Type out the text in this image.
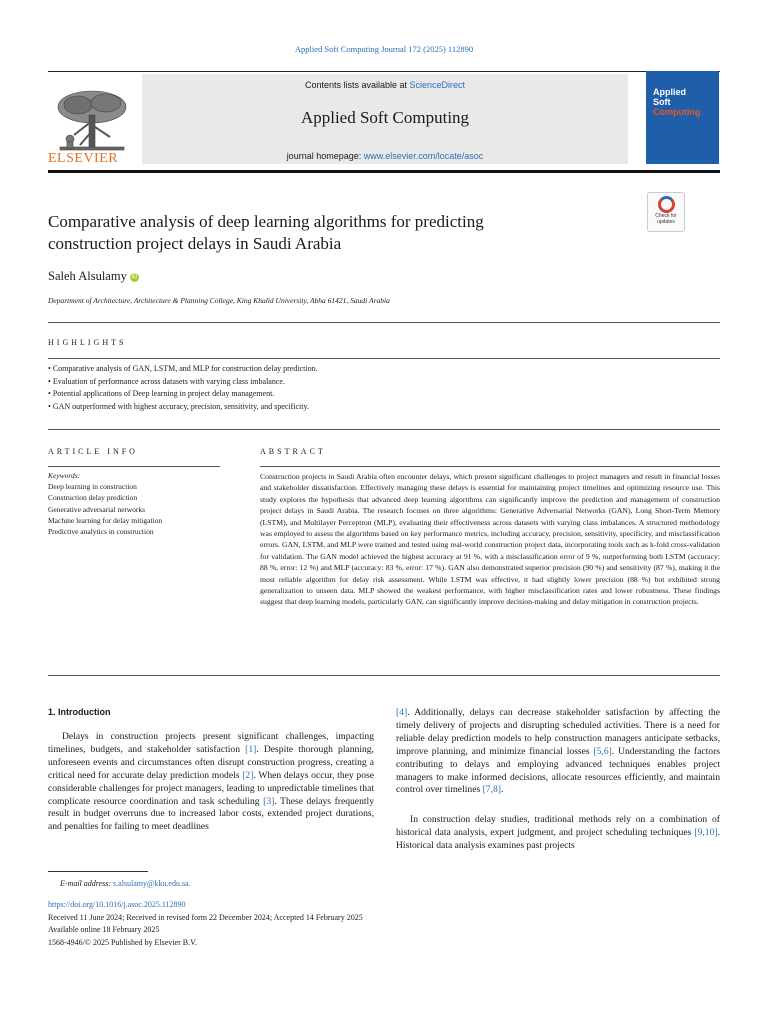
Applied Soft Computing Journal 172 (2025) 112890
ELSEVIER
Contents lists available at ScienceDirect
Applied Soft Computing
journal homepage: www.elsevier.com/locate/asoc
Applied
Soft
Computing
Comparative analysis of deep learning algorithms for predicting
construction project delays in Saudi Arabia
Check for
updates
Saleh Alsulamy iD
Department of Architecture, Architecture & Planning College, King Khalid University, Abha 61421, Saudi Arabia
HIGHLIGHTS
• Comparative analysis of GAN, LSTM, and MLP for construction delay prediction.
• Evaluation of performance across datasets with varying class imbalance.
• Potential applications of Deep learning in project delay management.
• GAN outperformed with highest accuracy, precision, sensitivity, and specificity.
ARTICLE INFO
Keywords:
Deep learning in construction
Construction delay prediction
Generative adversarial networks
Machine learning for delay mitigation
Predictive analytics in construction
ABSTRACT

Construction projects in Saudi Arabia often encounter delays, which present significant challenges to project managers and result in financial losses and stakeholder dissatisfaction. Effectively managing these delays is essential for maintaining project timelines and optimizing resource use. This study explores the hypothesis that advanced deep learning algorithms can significantly improve the prediction and management of construction project delays in Saudi Arabia. The research focuses on three algorithms: Generative Adversarial Networks (GAN), Long Short-Term Memory (LSTM), and Multilayer Perceptron (MLP), evaluating their effectiveness across datasets with varying class imbalances. A structured methodology was employed to assess the algorithms based on key performance metrics, including accuracy, precision, sensitivity, specificity, and misclassification errors. GAN, LSTM, and MLP were trained and tested using real-world construction project data, incorporating tools such as k-fold cross-validation for validation. The GAN model achieved the highest accuracy at 91 %, with a misclassification error of 9 %, outperforming both LSTM (accuracy: 88 %, error: 12 %) and MLP (accuracy: 83 %, error: 17 %). GAN also demonstrated superior precision (90 %) and sensitivity (87 %), making it the most reliable algorithm for delay risk assessment. While LSTM was effective, it had slightly lower precision (88 %) but exhibited strong generalization to unseen data. MLP showed the weakest performance, with higher misclassification rates and lower robustness. These findings suggest that deep learning models, particularly GAN, can significantly improve decision-making and delay mitigation in construction projects.

1. Introduction

Delays in construction projects present significant challenges, impacting timelines, budgets, and stakeholder satisfaction [1]. Despite thorough planning, unforeseen events and circumstances often disrupt construction progress, creating a critical need for accurate delay prediction models [2]. When delays occur, they pose considerable challenges for project managers, leading to unpredictable timelines that complicate resource coordination and task scheduling [3]. These delays frequently result in budget overruns due to increased labor costs, extended project durations, and penalties for failing to meet deadlines

[4]. Additionally, delays can decrease stakeholder satisfaction by affecting the timely delivery of projects and disrupting scheduled activities. There is a need for reliable delay prediction models to help construction managers anticipate setbacks, improve planning, and minimize financial losses [5,6]. Understanding the factors contributing to delays and employing advanced techniques enables project managers to make informed decisions, allocate resources efficiently, and maintain control over timelines [7,8].

In construction delay studies, traditional methods rely on a combination of historical data analysis, expert judgment, and project scheduling techniques [9,10]. Historical data analysis examines past projects

E-mail address: s.alsulamy@kku.edu.sa.
https://doi.org/10.1016/j.asoc.2025.112890
Received 11 June 2024; Received in revised form 22 December 2024; Accepted 14 February 2025
Available online 18 February 2025
1568-4946/© 2025 Published by Elsevier B.V.
